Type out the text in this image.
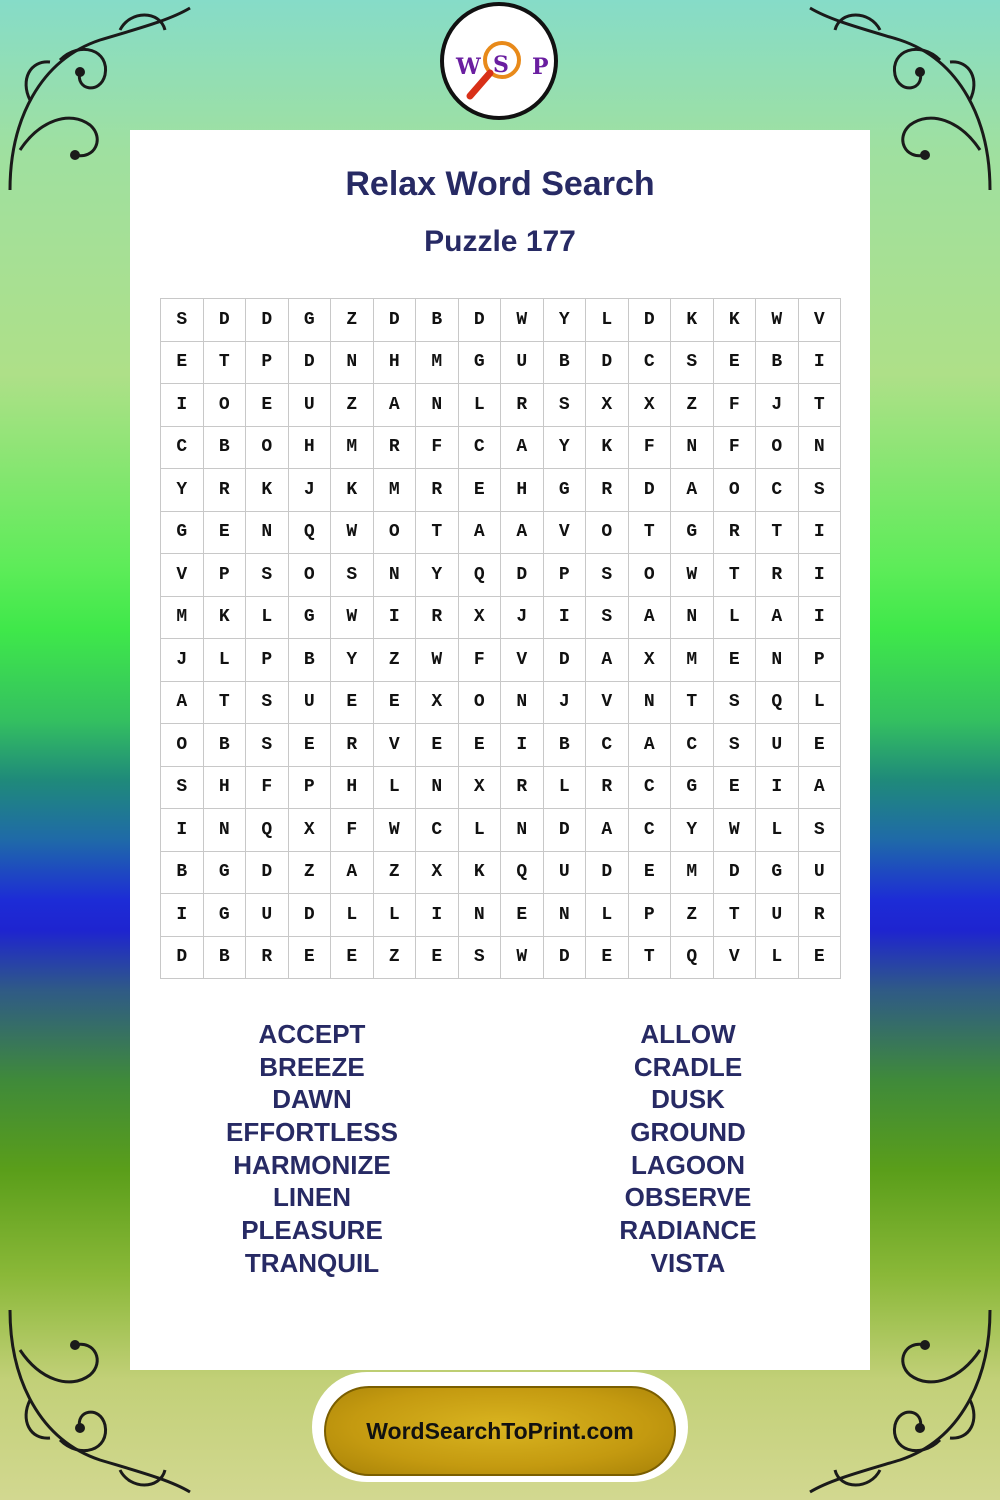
W S P
Relax Word Search
Puzzle 177
S	D	D	G	Z	D	B	D	W	Y	L	D	K	K	W	V
E	T	P	D	N	H	M	G	U	B	D	C	S	E	B	I
I	O	E	U	Z	A	N	L	R	S	X	X	Z	F	J	T
C	B	O	H	M	R	F	C	A	Y	K	F	N	F	O	N
Y	R	K	J	K	M	R	E	H	G	R	D	A	O	C	S
G	E	N	Q	W	O	T	A	A	V	O	T	G	R	T	I
V	P	S	O	S	N	Y	Q	D	P	S	O	W	T	R	I
M	K	L	G	W	I	R	X	J	I	S	A	N	L	A	I
J	L	P	B	Y	Z	W	F	V	D	A	X	M	E	N	P
A	T	S	U	E	E	X	O	N	J	V	N	T	S	Q	L
O	B	S	E	R	V	E	E	I	B	C	A	C	S	U	E
S	H	F	P	H	L	N	X	R	L	R	C	G	E	I	A
I	N	Q	X	F	W	C	L	N	D	A	C	Y	W	L	S
B	G	D	Z	A	Z	X	K	Q	U	D	E	M	D	G	U
I	G	U	D	L	L	I	N	E	N	L	P	Z	T	U	R
D	B	R	E	E	Z	E	S	W	D	E	T	Q	V	L	E
ACCEPT
BREEZE
DAWN
EFFORTLESS
HARMONIZE
LINEN
PLEASURE
TRANQUIL
ALLOW
CRADLE
DUSK
GROUND
LAGOON
OBSERVE
RADIANCE
VISTA
WordSearchToPrint.com
